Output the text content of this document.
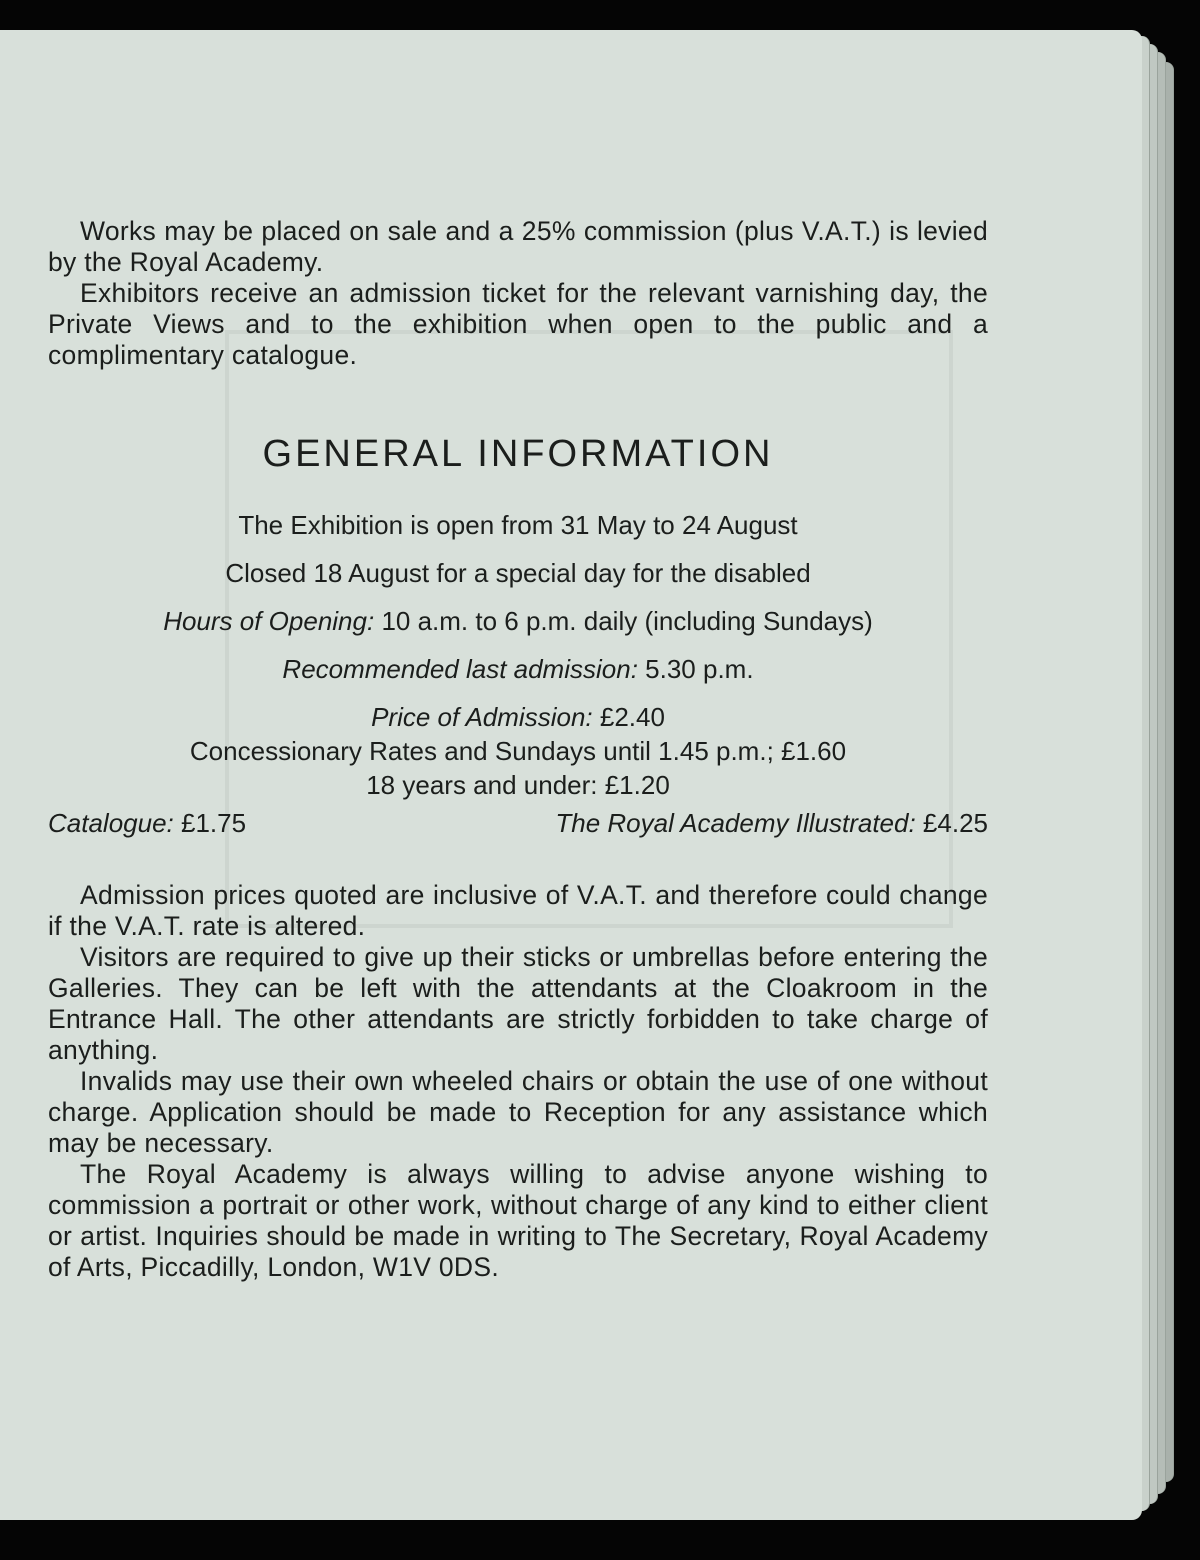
Works may be placed on sale and a 25% commission (plus V.A.T.) is levied by the Royal Academy.

Exhibitors receive an admission ticket for the relevant varnishing day, the Private Views and to the exhibition when open to the public and a complimentary catalogue.

GENERAL INFORMATION

The Exhibition is open from 31 May to 24 August

Closed 18 August for a special day for the disabled

Hours of Opening: 10 a.m. to 6 p.m. daily (including Sundays)

Recommended last admission: 5.30 p.m.

Price of Admission: £2.40

Concessionary Rates and Sundays until 1.45 p.m.; £1.60

18 years and under: £1.20

Catalogue: £1.75	The Royal Academy Illustrated: £4.25

Admission prices quoted are inclusive of V.A.T. and therefore could change if the V.A.T. rate is altered.

Visitors are required to give up their sticks or umbrellas before entering the Galleries. They can be left with the attendants at the Cloakroom in the Entrance Hall. The other attendants are strictly forbidden to take charge of anything.

Invalids may use their own wheeled chairs or obtain the use of one without charge. Application should be made to Reception for any assistance which may be necessary.

The Royal Academy is always willing to advise anyone wishing to commission a portrait or other work, without charge of any kind to either client or artist. Inquiries should be made in writing to The Secretary, Royal Academy of Arts, Piccadilly, London, W1V 0DS.
